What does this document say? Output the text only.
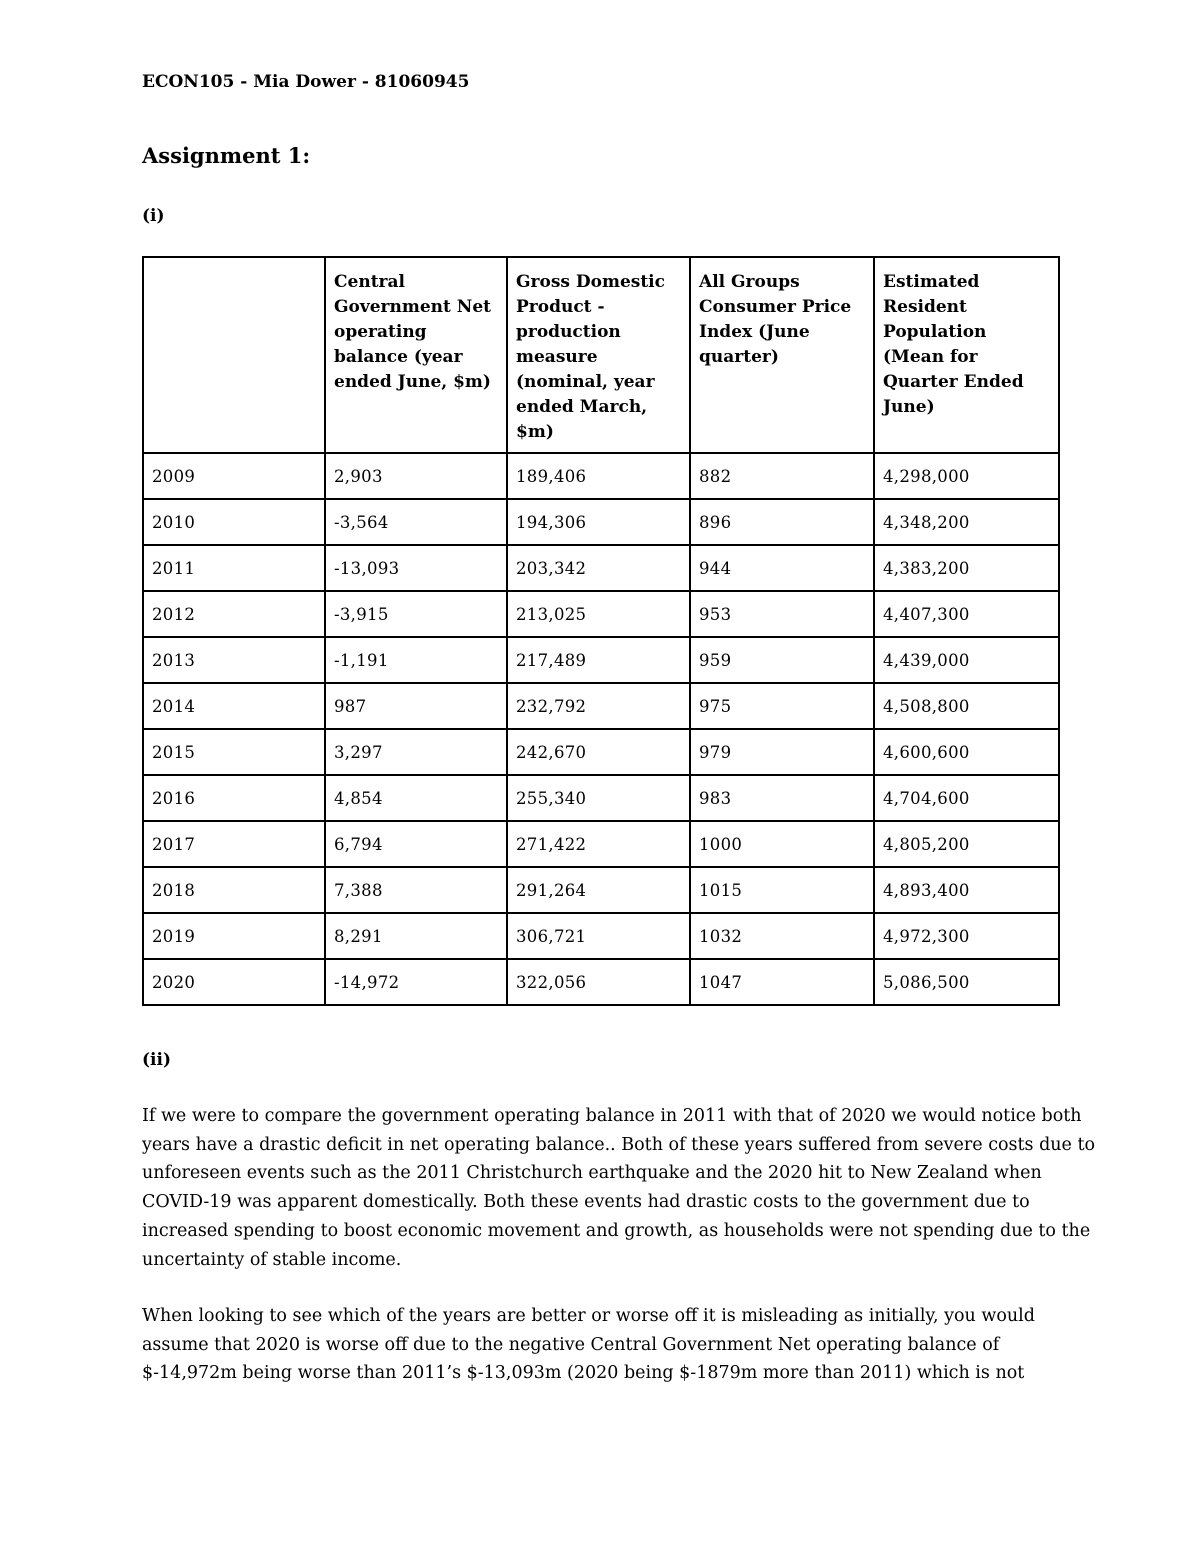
ECON105 - Mia Dower - 81060945
Assignment 1:
(i)
	Central Government Net operating balance (year ended June, $m)	Gross Domestic Product - production measure (nominal, year ended March, $m)	All Groups Consumer Price Index (June quarter)	Estimated Resident Population (Mean for Quarter Ended June)
2009	2,903	189,406	882	4,298,000
2010	-3,564	194,306	896	4,348,200
2011	-13,093	203,342	944	4,383,200
2012	-3,915	213,025	953	4,407,300
2013	-1,191	217,489	959	4,439,000
2014	987	232,792	975	4,508,800
2015	3,297	242,670	979	4,600,600
2016	4,854	255,340	983	4,704,600
2017	6,794	271,422	1000	4,805,200
2018	7,388	291,264	1015	4,893,400
2019	8,291	306,721	1032	4,972,300
2020	-14,972	322,056	1047	5,086,500
(ii)
If we were to compare the government operating balance in 2011 with that of 2020 we would notice both
years have a drastic deficit in net operating balance.. Both of these years suffered from severe costs due to
unforeseen events such as the 2011 Christchurch earthquake and the 2020 hit to New Zealand when
COVID-19 was apparent domestically. Both these events had drastic costs to the government due to
increased spending to boost economic movement and growth, as households were not spending due to the
uncertainty of stable income.
When looking to see which of the years are better or worse off it is misleading as initially, you would
assume that 2020 is worse off due to the negative Central Government Net operating balance of
$-14,972m being worse than 2011’s $-13,093m (2020 being $-1879m more than 2011) which is not
